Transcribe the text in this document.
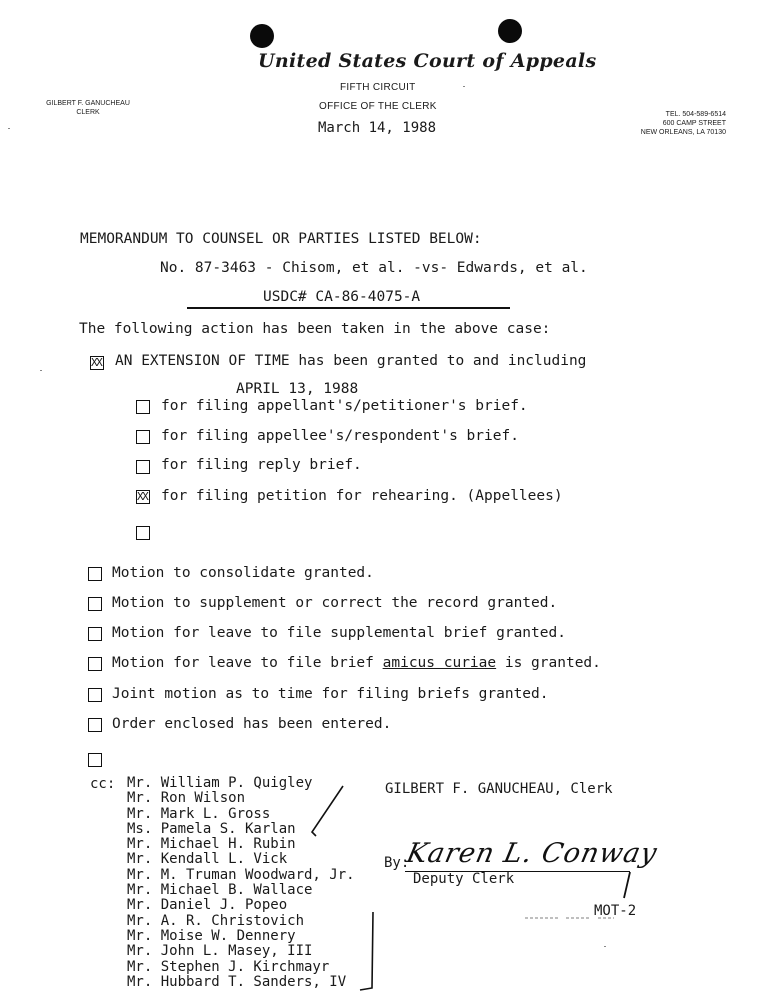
United States Court of Appeals
FIFTH CIRCUIT
OFFICE OF THE CLERK
March 14, 1988
GILBERT F. GANUCHEAU
CLERK	TEL. 504-589-6514
600 CAMP STREET
NEW ORLEANS, LA 70130
MEMORANDUM TO COUNSEL OR PARTIES LISTED BELOW:
No. 87-3463 - Chisom, et al. -vs- Edwards, et al.
USDC# CA-86-4075-A
The following action has been taken in the above case:
XX
AN EXTENSION OF TIME has been granted to and including
APRIL 13, 1988
for filing appellant's/petitioner's brief.
for filing appellee's/respondent's brief.
for filing reply brief.
XX
for filing petition for rehearing. (Appellees)
Motion to consolidate granted.
Motion to supplement or correct the record granted.
Motion for leave to file supplemental brief granted.
Motion for leave to file brief amicus curiae is granted.
Joint motion as to time for filing briefs granted.
Order enclosed has been entered.
cc: Mr. William P. Quigley
Mr. Ron Wilson
Mr. Mark L. Gross
Ms. Pamela S. Karlan
Mr. Michael H. Rubin
Mr. Kendall L. Vick
Mr. M. Truman Woodward, Jr.
Mr. Michael B. Wallace
Mr. Daniel J. Popeo
Mr. A. R. Christovich
Mr. Moise W. Dennery
Mr. John L. Masey, III
Mr. Stephen J. Kirchmayr
Mr. Hubbard T. Sanders, IV
GILBERT F. GANUCHEAU, Clerk
By:
Karen L. Conway
Deputy Clerk
MOT-2
